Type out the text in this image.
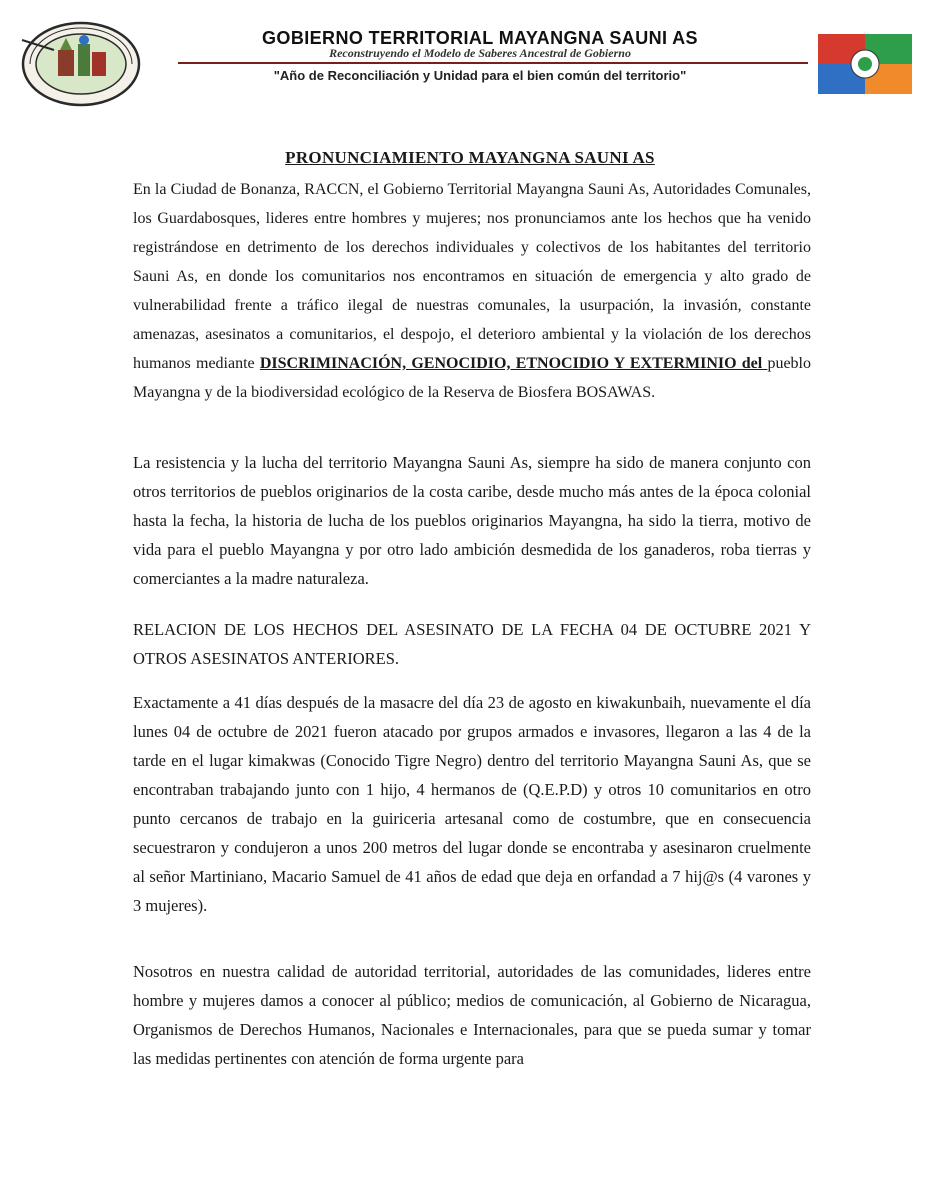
GOBIERNO TERRITORIAL MAYANGNA SAUNI AS
Reconstruyendo el Modelo de Saberes Ancestral de Gobierno
"Año de Reconciliación y Unidad para el bien común del territorio"
PRONUNCIAMIENTO MAYANGNA SAUNI AS

En la Ciudad de Bonanza, RACCN, el Gobierno Territorial Mayangna Sauni As, Autoridades Comunales, los Guardabosques, lideres entre hombres y mujeres; nos pronunciamos ante los hechos que ha venido registrándose en detrimento de los derechos individuales y colectivos de los habitantes del territorio Sauni As, en donde los comunitarios nos encontramos en situación de emergencia y alto grado de vulnerabilidad frente a tráfico ilegal de nuestras comunales, la usurpación, la invasión, constante amenazas, asesinatos a comunitarios, el despojo, el deterioro ambiental y la violación de los derechos humanos mediante DISCRIMINACIÓN, GENOCIDIO, ETNOCIDIO Y EXTERMINIO del pueblo Mayangna y de la biodiversidad ecológico de la Reserva de Biosfera BOSAWAS.

La resistencia y la lucha del territorio Mayangna Sauni As, siempre ha sido de manera conjunto con otros territorios de pueblos originarios de la costa caribe, desde mucho más antes de la época colonial hasta la fecha, la historia de lucha de los pueblos originarios Mayangna, ha sido la tierra, motivo de vida para el pueblo Mayangna y por otro lado ambición desmedida de los ganaderos, roba tierras y comerciantes a la madre naturaleza.

RELACION DE LOS HECHOS DEL ASESINATO DE LA FECHA 04 DE OCTUBRE 2021 Y OTROS ASESINATOS ANTERIORES.

Exactamente a 41 días después de la masacre del día 23 de agosto en kiwakunbaih, nuevamente el día lunes 04 de octubre de 2021 fueron atacado por grupos armados e invasores, llegaron a las 4 de la tarde en el lugar kimakwas (Conocido Tigre Negro) dentro del territorio Mayangna Sauni As, que se encontraban trabajando junto con 1 hijo, 4 hermanos de (Q.E.P.D) y otros 10 comunitarios en otro punto cercanos de trabajo en la guiriceria artesanal como de costumbre, que en consecuencia secuestraron y condujeron a unos 200 metros del lugar donde se encontraba y asesinaron cruelmente al señor Martiniano, Macario Samuel de 41 años de edad que deja en orfandad a 7 hij@s (4 varones y 3 mujeres).

Nosotros en nuestra calidad de autoridad territorial, autoridades de las comunidades, lideres entre hombre y mujeres damos a conocer al público; medios de comunicación, al Gobierno de Nicaragua, Organismos de Derechos Humanos, Nacionales e Internacionales, para que se pueda sumar y tomar las medidas pertinentes con atención de forma urgente para
